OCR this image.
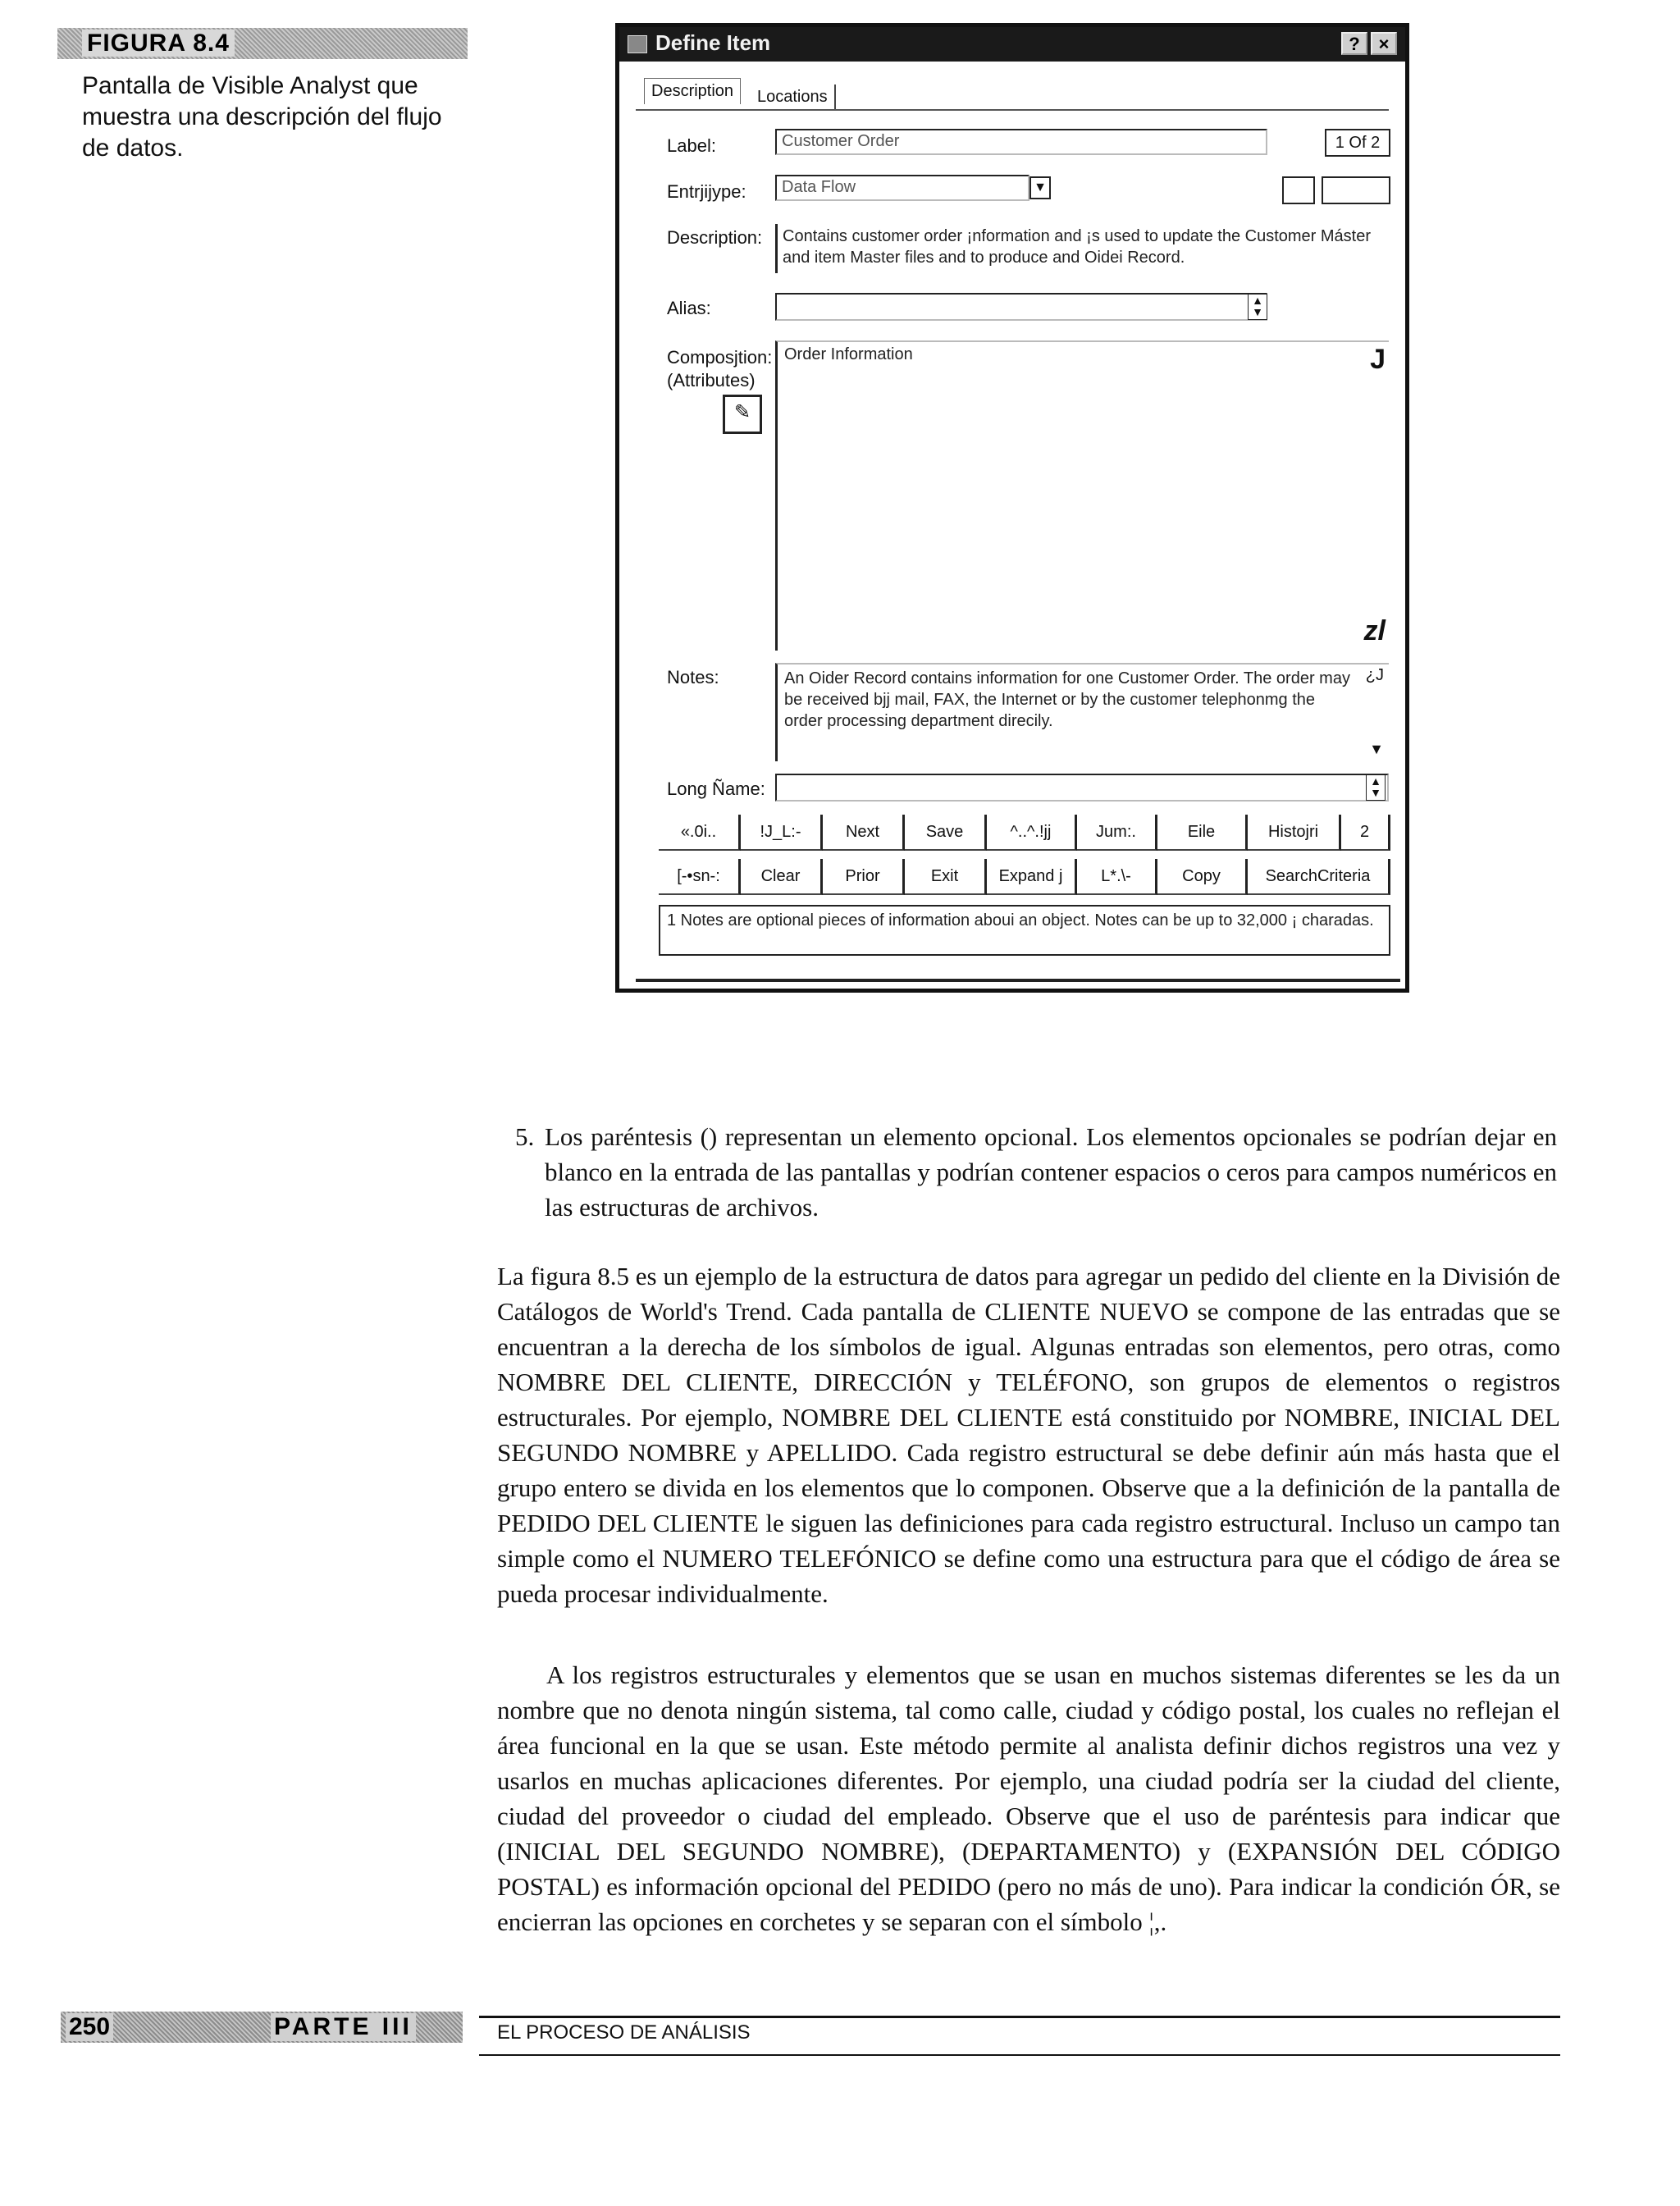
FIGURA 8.4
Pantalla de Visible Analyst que muestra una descripción del flujo de datos.
Define Item	?	×
Description	Locations
Label:	Customer Order	1 Of 2
Entrjijype:	Data Flow	▼
Description:	Contains customer order ¡nformation and ¡s used to update the Customer Máster and item Master files and to produce and Oidei Record.
Alias:	▲
▼
Composjtion:
(Attributes)
✎
Order Information	J
zl
Notes:	An Oider Record contains information for one Customer Order. The order may be received bjj mail, FAX, the Internet or by the customer telephonmg the order processing department direcily.
¿J
▼
Long Ñame:	▲
▼
«.0i..	!J_L:-	Next	Save	^..^.!jj	Jum:.	Eile	Histojri	2
[-•sn-:	Clear	Prior	Exit	Expand j	L*.\-	Copy	SearchCriteria
1 Notes are optional pieces of information aboui an object. Notes can be up to 32,000 ¡ charadas.
5. Los paréntesis () representan un elemento opcional. Los elementos opcionales se podrían dejar en blanco en la entrada de las pantallas y podrían contener espacios o ceros para campos numéricos en las estructuras de archivos.
La figura 8.5 es un ejemplo de la estructura de datos para agregar un pedido del cliente en la División de Catálogos de World's Trend. Cada pantalla de CLIENTE NUEVO se compone de las entradas que se encuentran a la derecha de los símbolos de igual. Algunas entradas son elementos, pero otras, como NOMBRE DEL CLIENTE, DIRECCIÓN y TELÉFONO, son grupos de elementos o registros estructurales. Por ejemplo, NOMBRE DEL CLIENTE está constituido por NOMBRE, INICIAL DEL SEGUNDO NOMBRE y APELLIDO. Cada registro estructural se debe definir aún más hasta que el grupo entero se divida en los elementos que lo componen. Observe que a la definición de la pantalla de PEDIDO DEL CLIENTE le siguen las definiciones para cada registro estructural. Incluso un campo tan simple como el NUMERO TELEFÓNICO se define como una estructura para que el código de área se pueda procesar individualmente.
A los registros estructurales y elementos que se usan en muchos sistemas diferentes se les da un nombre que no denota ningún sistema, tal como calle, ciudad y código postal, los cuales no reflejan el área funcional en la que se usan. Este método permite al analista definir dichos registros una vez y usarlos en muchas aplicaciones diferentes. Por ejemplo, una ciudad podría ser la ciudad del cliente, ciudad del proveedor o ciudad del empleado. Observe que el uso de paréntesis para indicar que (INICIAL DEL SEGUNDO NOMBRE), (DEPARTAMENTO) y (EXPANSIÓN DEL CÓDIGO POSTAL) es información opcional del PEDIDO (pero no más de uno). Para indicar la condición ÓR, se encierran las opciones en corchetes y se separan con el símbolo ¦,.
250	PARTE III	EL PROCESO DE ANÁLISIS
